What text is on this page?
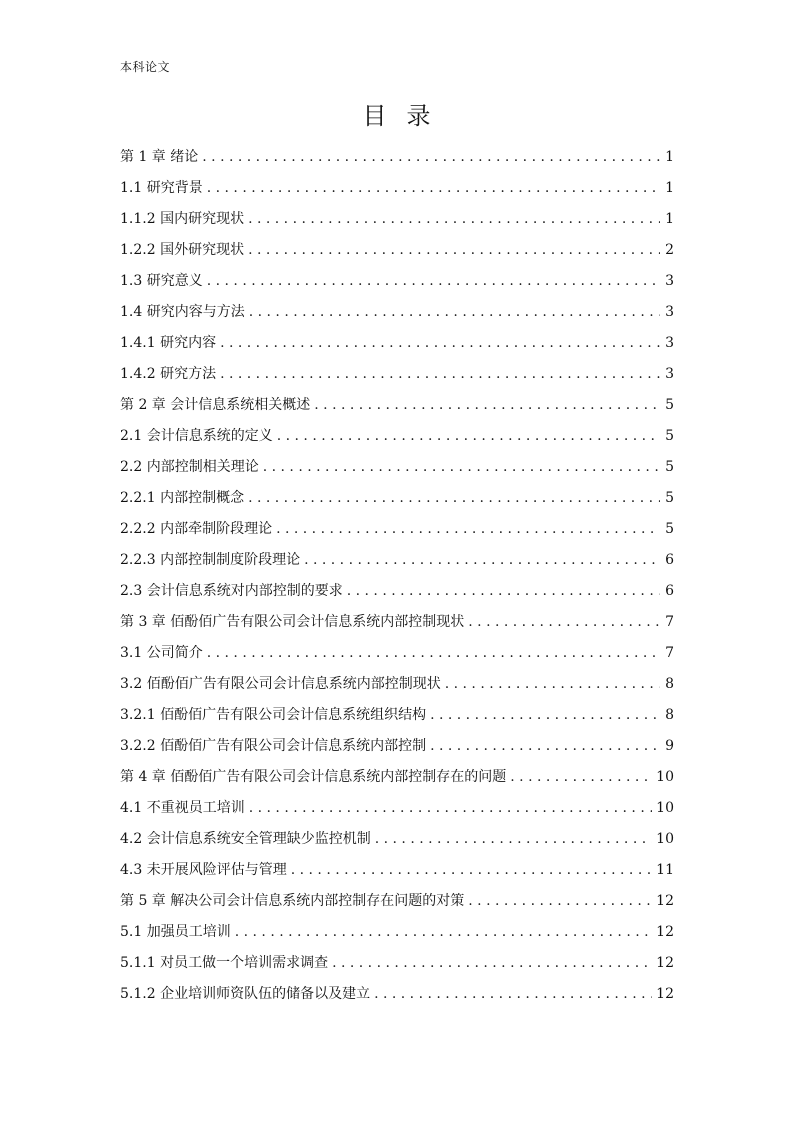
本科论文
目录
第 1 章 绪论 . . .	1
1.1 研究背景 . . .	1
1.1.2 国内研究现状 . . .	1
1.2.2 国外研究现状 . . .	2
1.3 研究意义 . . .	3
1.4 研究内容与方法 . . .	3
1.4.1 研究内容 . . .	3
1.4.2 研究方法 . . .	3
第 2 章 会计信息系统相关概述 . . .	5
2.1 会计信息系统的定义 . . .	5
2.2 内部控制相关理论 . . .	5
2.2.1 内部控制概念 . . .	5
2.2.2 内部牵制阶段理论 . . .	5
2.2.3 内部控制制度阶段理论 . . .	6
2.3 会计信息系统对内部控制的要求 . . .	6
第 3 章 佰酚佰广告有限公司会计信息系统内部控制现状 . . .	7
3.1 公司简介 . . .	7
3.2 佰酚佰广告有限公司会计信息系统内部控制现状 . . .	8
3.2.1 佰酚佰广告有限公司会计信息系统组织结构 . . .	8
3.2.2 佰酚佰广告有限公司会计信息系统内部控制 . . .	9
第 4 章 佰酚佰广告有限公司会计信息系统内部控制存在的问题 . . .	10
4.1 不重视员工培训 . . .	10
4.2 会计信息系统安全管理缺少监控机制 . . .	10
4.3 未开展风险评估与管理 . . .	11
第 5 章 解决公司会计信息系统内部控制存在问题的对策 . . .	12
5.1 加强员工培训 . . .	12
5.1.1 对员工做一个培训需求调查 . . .	12
5.1.2 企业培训师资队伍的储备以及建立 . . .	12
